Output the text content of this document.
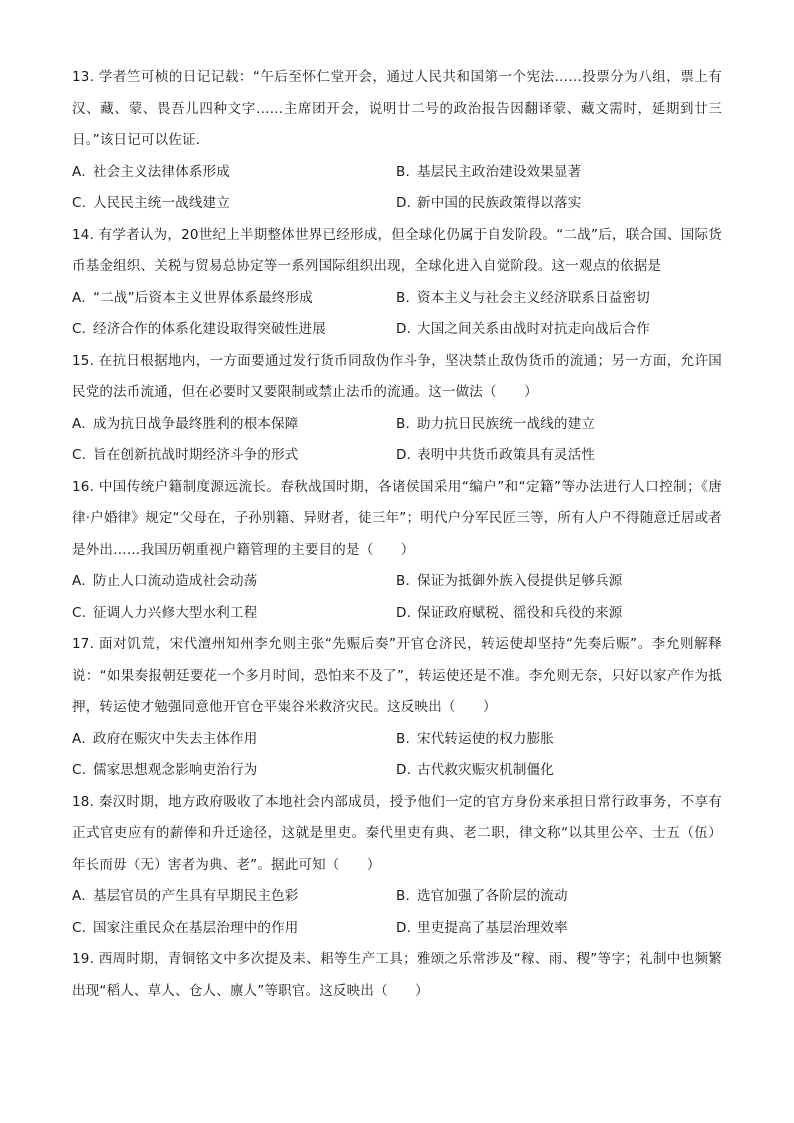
13. 学者竺可桢的日记记载：“午后至怀仁堂开会，通过人民共和国第一个宪法……投票分为八组，票上有汉、藏、蒙、畏吾儿四种文字……主席团开会，说明廿二号的政治报告因翻译蒙、藏文需时，延期到廿三日。”该日记可以佐证．

A. 社会主义法律体系形成	B. 基层民主政治建设效果显著
C. 人民民主统一战线建立	D. 新中国的民族政策得以落实

14. 有学者认为，20世纪上半期整体世界已经形成，但全球化仍属于自发阶段。“二战”后，联合国、国际货币基金组织、关税与贸易总协定等一系列国际组织出现，全球化进入自觉阶段。这一观点的依据是

A. “二战”后资本主义世界体系最终形成	B. 资本主义与社会主义经济联系日益密切
C. 经济合作的体系化建设取得突破性进展	D. 大国之间关系由战时对抗走向战后合作

15. 在抗日根据地内，一方面要通过发行货币同敌伪作斗争，坚决禁止敌伪货币的流通；另一方面，允许国民党的法币流通，但在必要时又要限制或禁止法币的流通。这一做法（　　）

A. 成为抗日战争最终胜利的根本保障	B. 助力抗日民族统一战线的建立
C. 旨在创新抗战时期经济斗争的形式	D. 表明中共货币政策具有灵活性

16. 中国传统户籍制度源远流长。春秋战国时期，各诸侯国采用“编户”和“定籍”等办法进行人口控制；《唐律·户婚律》规定“父母在，子孙别籍、异财者，徒三年”；明代户分军民匠三等，所有人户不得随意迁居或者是外出……我国历朝重视户籍管理的主要目的是（　　）

A. 防止人口流动造成社会动荡	B. 保证为抵御外族入侵提供足够兵源
C. 征调人力兴修大型水利工程	D. 保证政府赋税、徭役和兵役的来源

17. 面对饥荒，宋代澶州知州李允则主张“先赈后奏”开官仓济民，转运使却坚持“先奏后赈”。李允则解释说：“如果奏报朝廷要花一个多月时间，恐怕来不及了”，转运使还是不准。李允则无奈，只好以家产作为抵押，转运使才勉强同意他开官仓平粜谷米救济灾民。这反映出（　　）

A. 政府在赈灾中失去主体作用	B. 宋代转运使的权力膨胀
C. 儒家思想观念影响吏治行为	D. 古代救灾赈灾机制僵化

18. 秦汉时期，地方政府吸收了本地社会内部成员，授予他们一定的官方身份来承担日常行政事务，不享有正式官吏应有的薪俸和升迁途径，这就是里吏。秦代里吏有典、老二职，律文称“以其里公卒、士五（伍）年长而毋（无）害者为典、老”。据此可知（　　）

A. 基层官员的产生具有早期民主色彩	B. 选官加强了各阶层的流动
C. 国家注重民众在基层治理中的作用	D. 里吏提高了基层治理效率

19. 西周时期，青铜铭文中多次提及耒、耜等生产工具；雅颂之乐常涉及“稼、雨、稷”等字；礼制中也频繁出现“稻人、草人、仓人、廪人”等职官。这反映出（　　）
